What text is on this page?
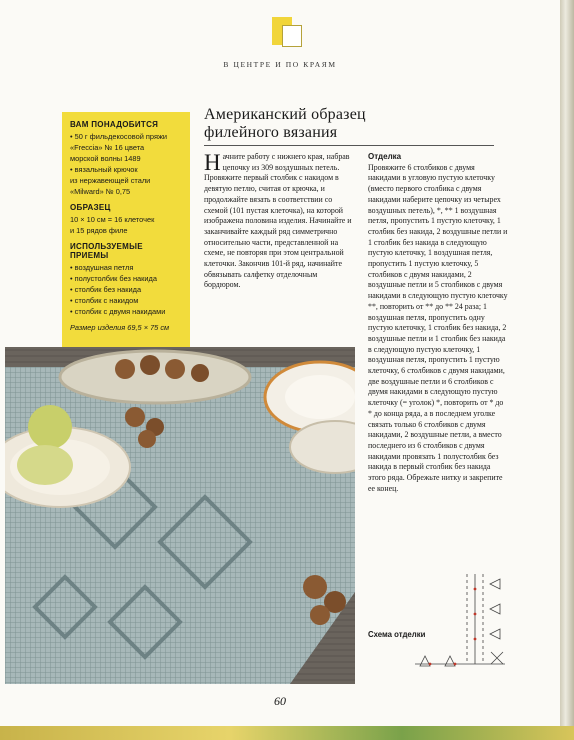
В ЦЕНТРЕ И ПО КРАЯМ
ВАМ ПОНАДОБИТСЯ
• 50 г фильдекосовой пряжи
«Freccia» № 16 цвета
морской волны 1489
• вязальный крючок
из нержавеющей стали
«Milward» № 0,75
ОБРАЗЕЦ
10 × 10 см = 16 клеточек
и 15 рядов филе
ИСПОЛЬЗУЕМЫЕ ПРИЕМЫ
• воздушная петля
• полустолбик без накида
• столбик без накида
• столбик с накидом
• столбик с двумя накидами
Размер изделия 69,5 × 75 см
Американский образец
филейного вязания
Начните работу с нижнего края, набрав цепочку из 309 воздушных петель. Провяжите первый столбик с накидом в девятую петлю, считая от крючка, и продолжайте вязать в соответствии со схемой (101 пустая клеточка), на которой изображена половина изделия. Начинайте и заканчивайте каждый ряд симметрично относительно части, представленной на схеме, не повторяя при этом центральной клеточки. Закончив 101-й ряд, начинайте обвязывать салфетку отделочным бордюром.
Отделка

Провяжите 6 столбиков с двумя накидами в угловую пустую клеточку (вместо первого столбика с двумя накидами наберите цепочку из четырех воздушных петель), *, ** 1 воздушная петля, пропустить 1 пустую клеточку, 1 столбик без накида, 2 воздушные петли и 1 столбик без накида в следующую пустую клеточку, 1 воздушная петля, пропустить 1 пустую клеточку, 5 столбиков с двумя накидами, 2 воздушные петли и 5 столбиков с двумя накидами в следующую пустую клеточку **, повторить от ** до ** 24 раза; 1 воздушная петля, пропустить одну пустую клеточку, 1 столбик без накида, 2 воздушные петли и 1 столбик без накида в следующую пустую клеточку, 1 воздушная петля, пропустить 1 пустую клеточку, 6 столбиков с двумя накидами, две воздушные петли и 6 столбиков с двумя накидами в следующую пустую клеточку (= уголок) *, повторить от * до * до конца ряда, а в последнем уголке связать только 6 столбиков с двумя накидами, 2 воздушные петли, а вместо последнего из 6 столбиков с двумя накидами провязать 1 полустолбик без накида в первый столбик без накида этого ряда. Обрежьте нитку и закрепите ее конец.

Схема отделки
60
